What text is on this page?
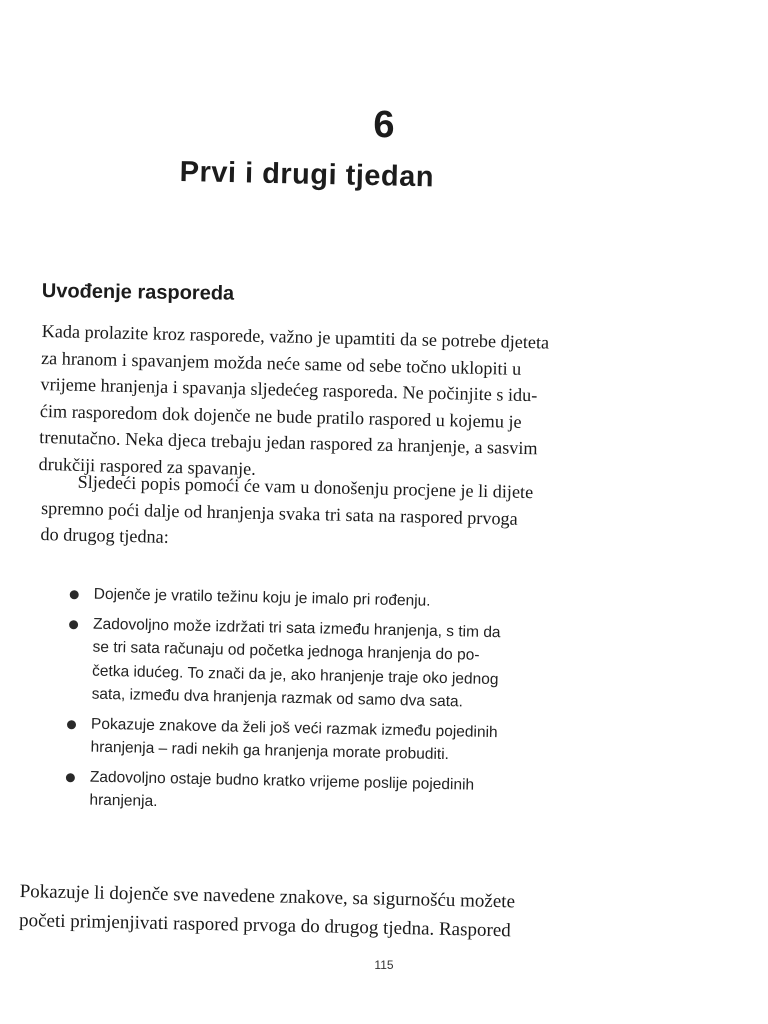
6
Prvi i drugi tjedan
Uvođenje rasporeda

Kada prolazite kroz rasporede, važno je upamtiti da se potrebe djeteta
za hranom i spavanjem možda neće same od sebe točno uklopiti u
vrijeme hranjenja i spavanja sljedećeg rasporeda. Ne počinjite s idu-
ćim rasporedom dok dojenče ne bude pratilo raspored u kojemu je
trenutačno. Neka djeca trebaju jedan raspored za hranjenje, a sasvim
drukčiji raspored za spavanje.

Sljedeći popis pomoći će vam u donošenju procjene je li dijete
spremno poći dalje od hranjenja svaka tri sata na raspored prvoga
do drugog tjedna:

Dojenče je vratilo težinu koju je imalo pri rođenju.
Zadovoljno može izdržati tri sata između hranjenja, s tim da
se tri sata računaju od početka jednoga hranjenja do po-
četka idućeg. To znači da je, ako hranjenje traje oko jednog
sata, između dva hranjenja razmak od samo dva sata.
Pokazuje znakove da želi još veći razmak između pojedinih
hranjenja – radi nekih ga hranjenja morate probuditi.
Zadovoljno ostaje budno kratko vrijeme poslije pojedinih
hranjenja.

Pokazuje li dojenče sve navedene znakove, sa sigurnošću možete
početi primjenjivati raspored prvoga do drugog tjedna. Raspored

115
